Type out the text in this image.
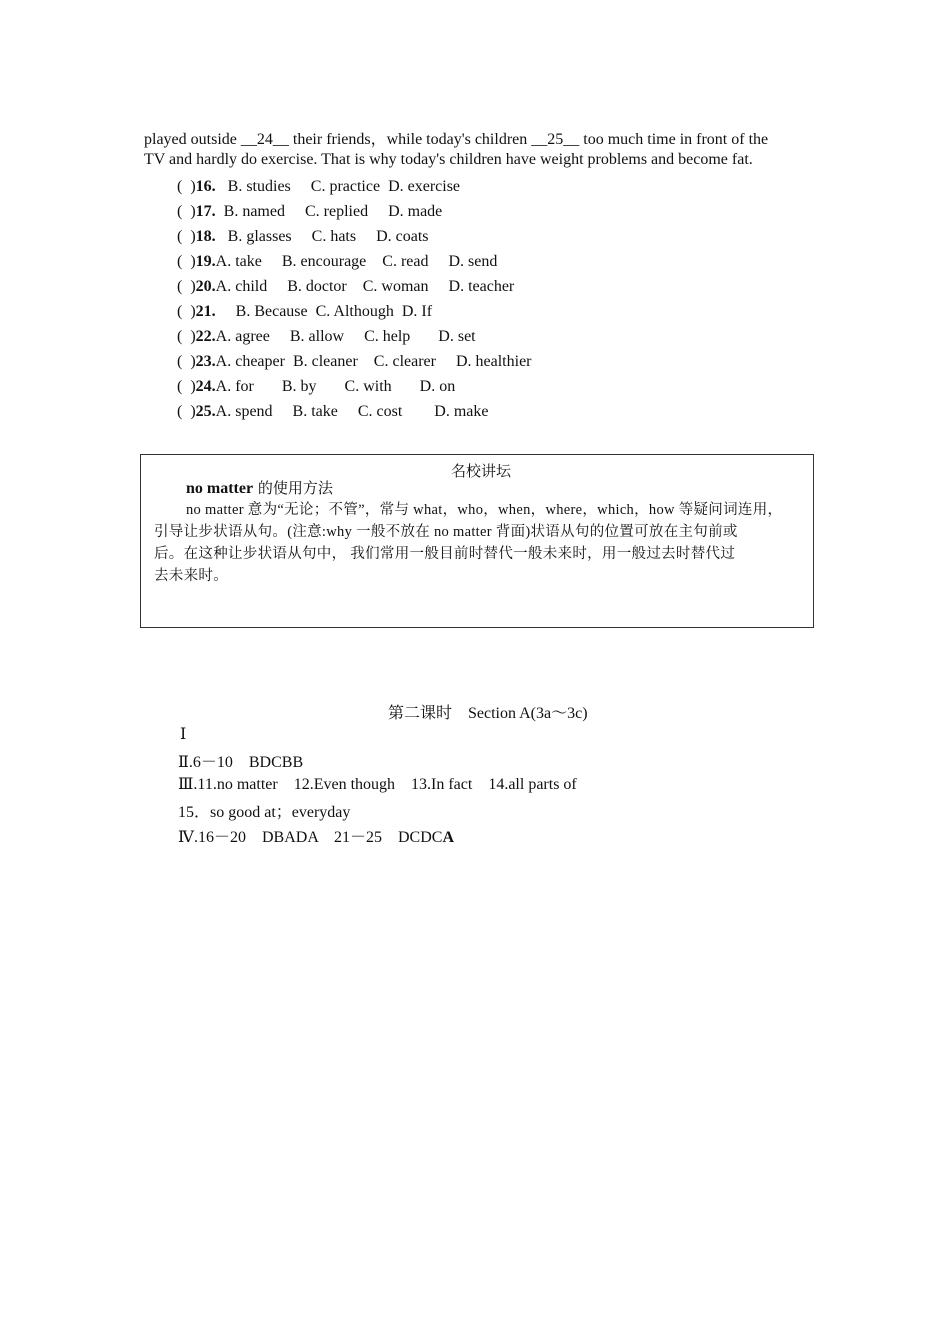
played outside __24__ their friends，while today's children __25__ too much time in front of the
TV and hardly do exercise. That is why today's children have weight problems and become fat.
(  )16.   B. studies     C. practice  D. exercise
(  )17.  B. named     C. replied     D. made
(  )18.   B. glasses     C. hats     D. coats
(  )19.A. take     B. encourage    C. read     D. send
(  )20.A. child     B. doctor    C. woman     D. teacher
(  )21.     B. Because  C. Although  D. If
(  )22.A. agree     B. allow     C. help       D. set
(  )23.A. cheaper  B. cleaner    C. clearer     D. healthier
(  )24.A. for       B. by       C. with       D. on
(  )25.A. spend     B. take     C. cost        D. make
名校讲坛
no matter 的使用方法
no matter 意为“无论；不管”，常与 what，who，when，where，which，how 等疑问词连用，
引导让步状语从句。(注意:why 一般不放在 no matter 背面)状语从句的位置可放在主句前或
后。在这种让步状语从句中， 我们常用一般目前时替代一般未来时，用一般过去时替代过
去未来时。
第二课时    Section A(3a～3c)
Ⅰ
Ⅱ.6－10    BDCBB
Ⅲ.11.no matter    12.Even though    13.In fact    14.all parts of
15．so good at；everyday
Ⅳ.16－20    DBADA    21－25    DCDCA
